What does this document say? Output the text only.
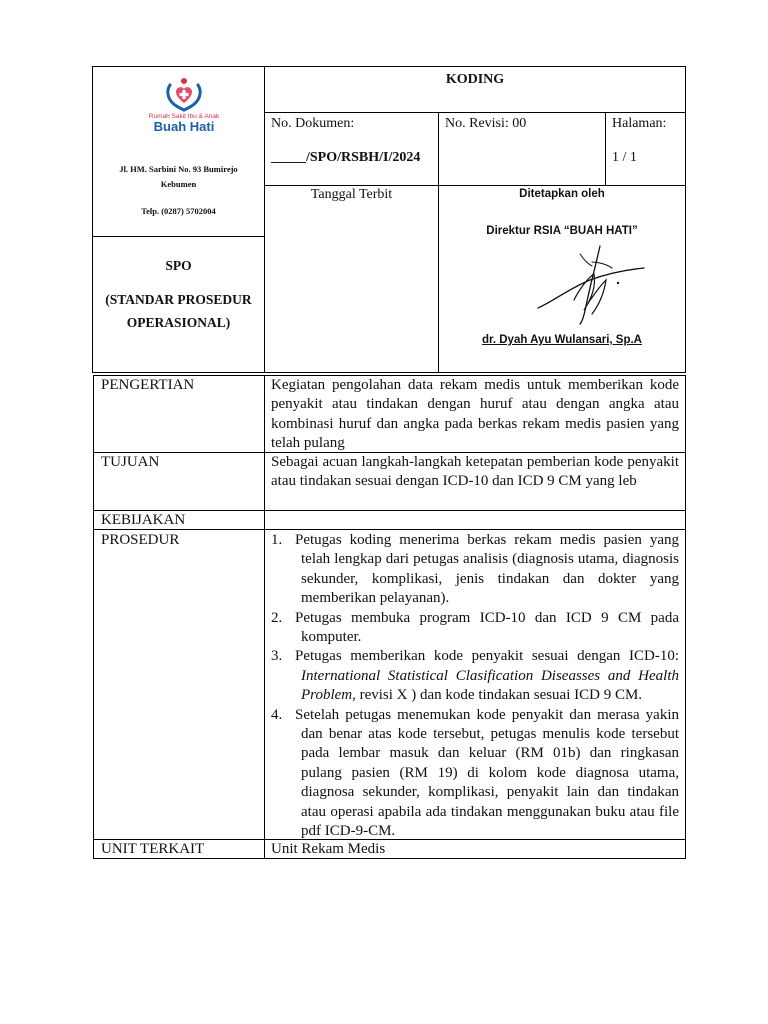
Rumah Sakit Ibu & Anak
Buah Hati
Jl. HM. Sarbini No. 93 Bumirejo
Kebumen
Telp. (0287) 5702004
SPO
(STANDAR PROSEDUR
OPERASIONAL)
KODING
No. Dokumen:
_____/SPO/RSBH/I/2024
No. Revisi: 00	Halaman:
1 / 1
Tanggal Terbit	Ditetapkan oleh
Direktur RSIA “BUAH HATI”
dr. Dyah Ayu Wulansari, Sp.A
PENGERTIAN	Kegiatan pengolahan data rekam medis untuk memberikan kode penyakit atau tindakan dengan huruf atau dengan angka atau kombinasi huruf dan angka pada berkas rekam medis pasien yang telah pulang
TUJUAN	Sebagai acuan langkah-langkah ketepatan pemberian kode penyakit atau tindakan sesuai dengan ICD-10 dan ICD 9 CM yang leb
KEBIJAKAN
PROSEDUR	1. Petugas koding menerima berkas rekam medis pasien yang telah lengkap dari petugas analisis (diagnosis utama, diagnosis sekunder, komplikasi, jenis tindakan dan dokter yang memberikan pelayanan).
2. Petugas membuka program ICD-10 dan ICD 9 CM pada komputer.
3. Petugas memberikan kode penyakit sesuai dengan ICD-10: International Statistical Clasification Diseasses and Health Problem, revisi X ) dan kode tindakan sesuai ICD 9 CM.
4. Setelah petugas menemukan kode penyakit dan merasa yakin dan benar atas kode tersebut, petugas menulis kode tersebut pada lembar masuk dan keluar (RM 01b) dan ringkasan pulang pasien (RM 19) di kolom kode diagnosa utama, diagnosa sekunder, komplikasi, penyakit lain dan tindakan atau operasi apabila ada tindakan menggunakan buku atau file pdf ICD-9-CM.
UNIT TERKAIT	Unit Rekam Medis
